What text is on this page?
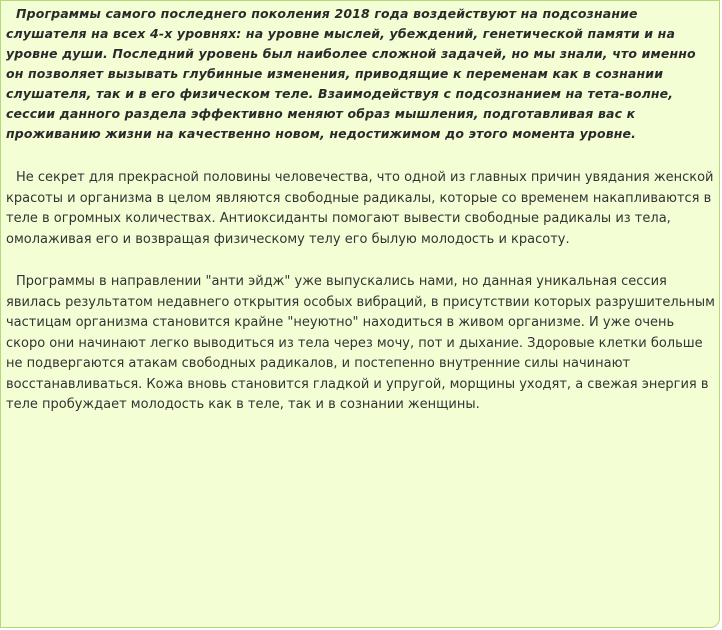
Программы самого последнего поколения 2018 года воздействуют на подсознание слушателя на всех 4-х уровнях: на уровне мыслей, убеждений, генетической памяти и на уровне души. Последний уровень был наиболее сложной задачей, но мы знали, что именно он позволяет вызывать глубинные изменения, приводящие к переменам как в сознании слушателя, так и в его физическом теле. Взаимодействуя с подсознанием на тета-волне, сессии данного раздела эффективно меняют образ мышления, подготавливая вас к проживанию жизни на качественно новом, недостижимом до этого момента уровне.

Не секрет для прекрасной половины человечества, что одной из главных причин увядания женской красоты и организма в целом являются свободные радикалы, которые со временем накапливаются в теле в огромных количествах. Антиоксиданты помогают вывести свободные радикалы из тела, омолаживая его и возвращая физическому телу его былую молодость и красоту.

Программы в направлении "анти эйдж" уже выпускались нами, но данная уникальная сессия явилась результатом недавнего открытия особых вибраций, в присутствии которых разрушительным частицам организма становится крайне "неуютно" находиться в живом организме. И уже очень скоро они начинают легко выводиться из тела через мочу, пот и дыхание. Здоровые клетки больше не подвергаются атакам свободных радикалов, и постепенно внутренние силы начинают восстанавливаться. Кожа вновь становится гладкой и упругой, морщины уходят, а свежая энергия в теле пробуждает молодость как в теле, так и в сознании женщины.
